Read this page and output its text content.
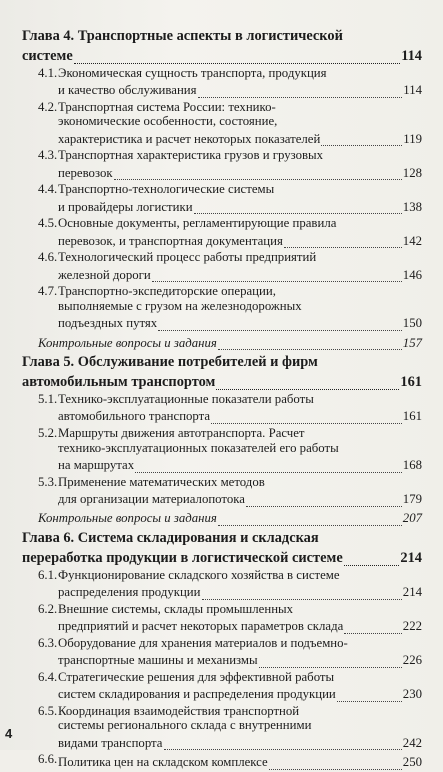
Глава 4. Транспортные аспекты в логистической
системе	114
4.1. Экономическая сущность транспорта, продукция
и качество обслуживания	114
4.2. Транспортная система России: технико-
экономические особенности, состояние,
характеристика и расчет некоторых показателей	119
4.3. Транспортная характеристика грузов и грузовых
перевозок	128
4.4. Транспортно-технологические системы
и провайдеры логистики	138
4.5. Основные документы, регламентирующие правила
перевозок, и транспортная документация	142
4.6. Технологический процесс работы предприятий
железной дороги	146
4.7. Транспортно-экспедиторские операции,
выполняемые с грузом на железнодорожных
подъездных путях	150
Контрольные вопросы и задания	157
Глава 5. Обслуживание потребителей и фирм
автомобильным транспортом	161
5.1. Технико-эксплуатационные показатели работы
автомобильного транспорта	161
5.2. Маршруты движения автотранспорта. Расчет
технико-эксплуатационных показателей его работы
на маршрутах	168
5.3. Применение математических методов
для организации материалопотока	179
Контрольные вопросы и задания	207
Глава 6. Система складирования и складская
переработка продукции в логистической системе	214
6.1. Функционирование складского хозяйства в системе
распределения продукции	214
6.2. Внешние системы, склады промышленных
предприятий и расчет некоторых параметров склада	222
6.3. Оборудование для хранения материалов и подъемно-
транспортные машины и механизмы	226
6.4. Стратегические решения для эффективной работы
систем складирования и распределения продукции	230
6.5. Координация взаимодействия транспортной
системы регионального склада с внутренними
видами транспорта	242
6.6. Политика цен на складском комплексе	250
4
